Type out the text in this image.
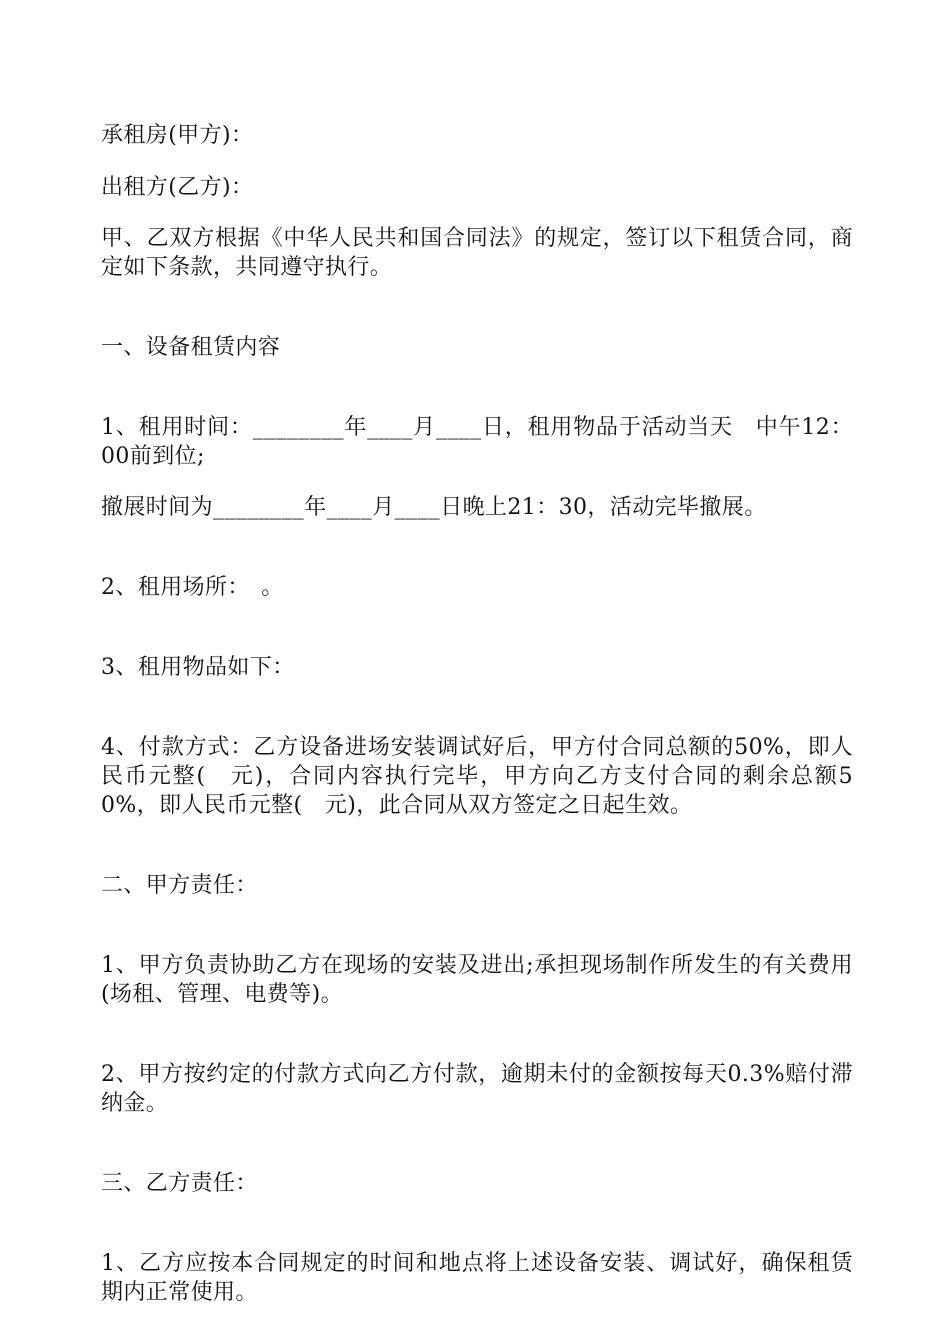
承租房(甲方)：

出租方(乙方)：

甲、乙双方根据《中华人民共和国合同法》的规定，签订以下租赁合同，商定如下条款，共同遵守执行。

一、设备租赁内容

1、租用时间：________年____月____日，租用物品于活动当天　中午12：00前到位;

撤展时间为________年____月____日晚上21：30，活动完毕撤展。

2、租用场所：　。

3、租用物品如下：

4、付款方式：乙方设备进场安装调试好后，甲方付合同总额的50%，即人民币元整(　元)，合同内容执行完毕，甲方向乙方支付合同的剩余总额50%，即人民币元整(　元)，此合同从双方签定之日起生效。

二、甲方责任：

1、甲方负责协助乙方在现场的安装及进出;承担现场制作所发生的有关费用(场租、管理、电费等)。

2、甲方按约定的付款方式向乙方付款，逾期未付的金额按每天0.3%赔付滞纳金。

三、乙方责任：

1、乙方应按本合同规定的时间和地点将上述设备安装、调试好，确保租赁期内正常使用。
